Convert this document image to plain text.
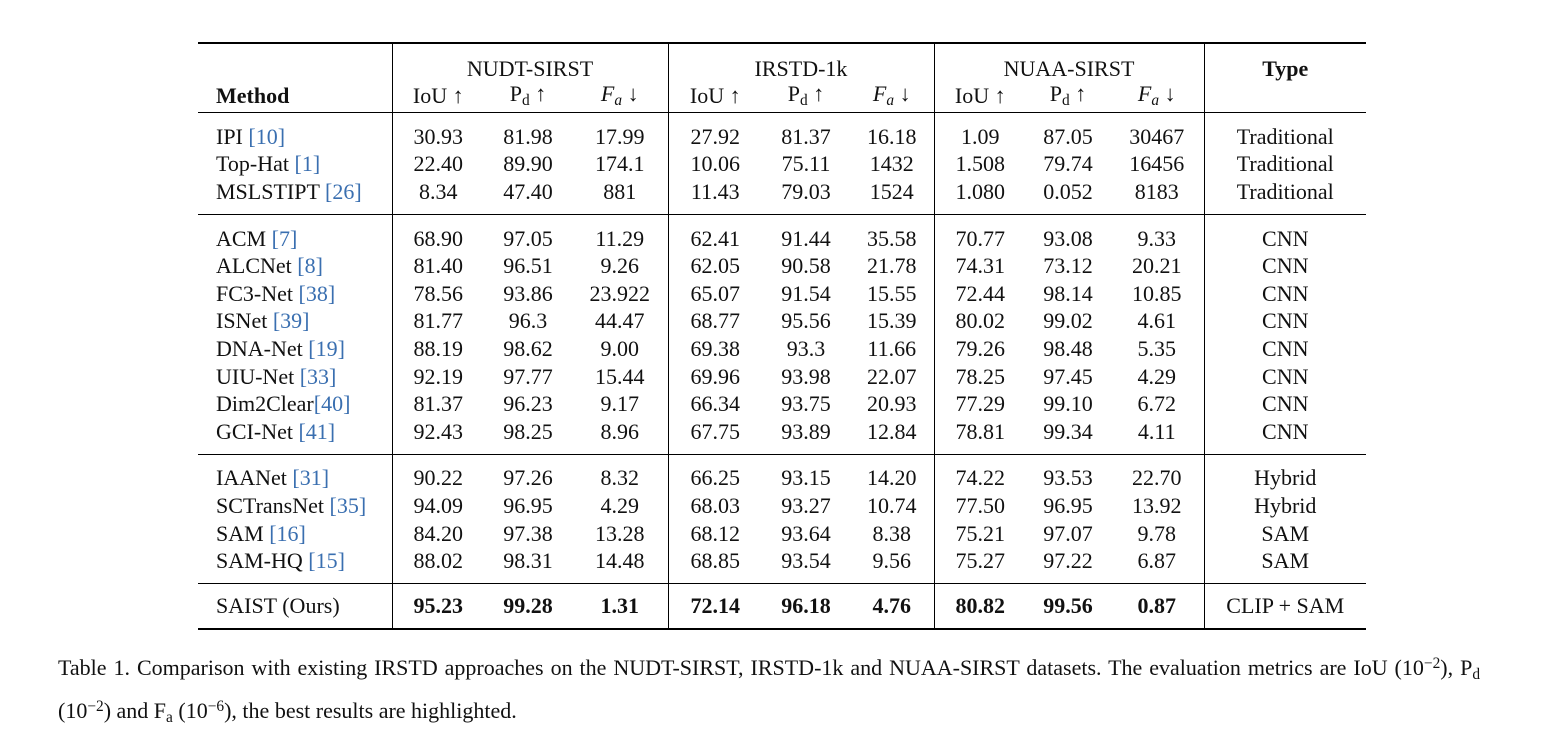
	NUDT-SIRST			IRSTD-1k			NUAA-SIRST			Type
Method	IoU ↑	$P_d$ ↑	$F_a$ ↓	IoU ↑	$P_d$ ↑	$F_a$ ↓	IoU ↑	$P_d$ ↑	$F_a$ ↓	
IPI [10]	30.93	81.98	17.99	27.92	81.37	16.18	1.09	87.05	30467	Traditional
Top-Hat [1]	22.40	89.90	174.1	10.06	75.11	1432	1.508	79.74	16456	Traditional
MSLSTIPT [26]	8.34	47.40	881	11.43	79.03	1524	1.080	0.052	8183	Traditional
ACM [7]	68.90	97.05	11.29	62.41	91.44	35.58	70.77	93.08	9.33	CNN
ALCNet [8]	81.40	96.51	9.26	62.05	90.58	21.78	74.31	73.12	20.21	CNN
FC3-Net [38]	78.56	93.86	23.922	65.07	91.54	15.55	72.44	98.14	10.85	CNN
ISNet [39]	81.77	96.3	44.47	68.77	95.56	15.39	80.02	99.02	4.61	CNN
DNA-Net [19]	88.19	98.62	9.00	69.38	93.3	11.66	79.26	98.48	5.35	CNN
UIU-Net [33]	92.19	97.77	15.44	69.96	93.98	22.07	78.25	97.45	4.29	CNN
Dim2Clear[40]	81.37	96.23	9.17	66.34	93.75	20.93	77.29	99.10	6.72	CNN
GCI-Net [41]	92.43	98.25	8.96	67.75	93.89	12.84	78.81	99.34	4.11	CNN
IAANet [31]	90.22	97.26	8.32	66.25	93.15	14.20	74.22	93.53	22.70	Hybrid
SCTransNet [35]	94.09	96.95	4.29	68.03	93.27	10.74	77.50	96.95	13.92	Hybrid
SAM [16]	84.20	97.38	13.28	68.12	93.64	8.38	75.21	97.07	9.78	SAM
SAM-HQ [15]	88.02	98.31	14.48	68.85	93.54	9.56	75.27	97.22	6.87	SAM
SAIST (Ours)	95.23	99.28	1.31	72.14	96.18	4.76	80.82	99.56	0.87	CLIP + SAM
Table 1. Comparison with existing IRSTD approaches on the NUDT-SIRST, IRSTD-1k and NUAA-SIRST datasets. The evaluation metrics are IoU $(10^{-2})$, $P_d$ $(10^{-2})$ and $F_a$ $(10^{-6})$, the best results are highlighted.
